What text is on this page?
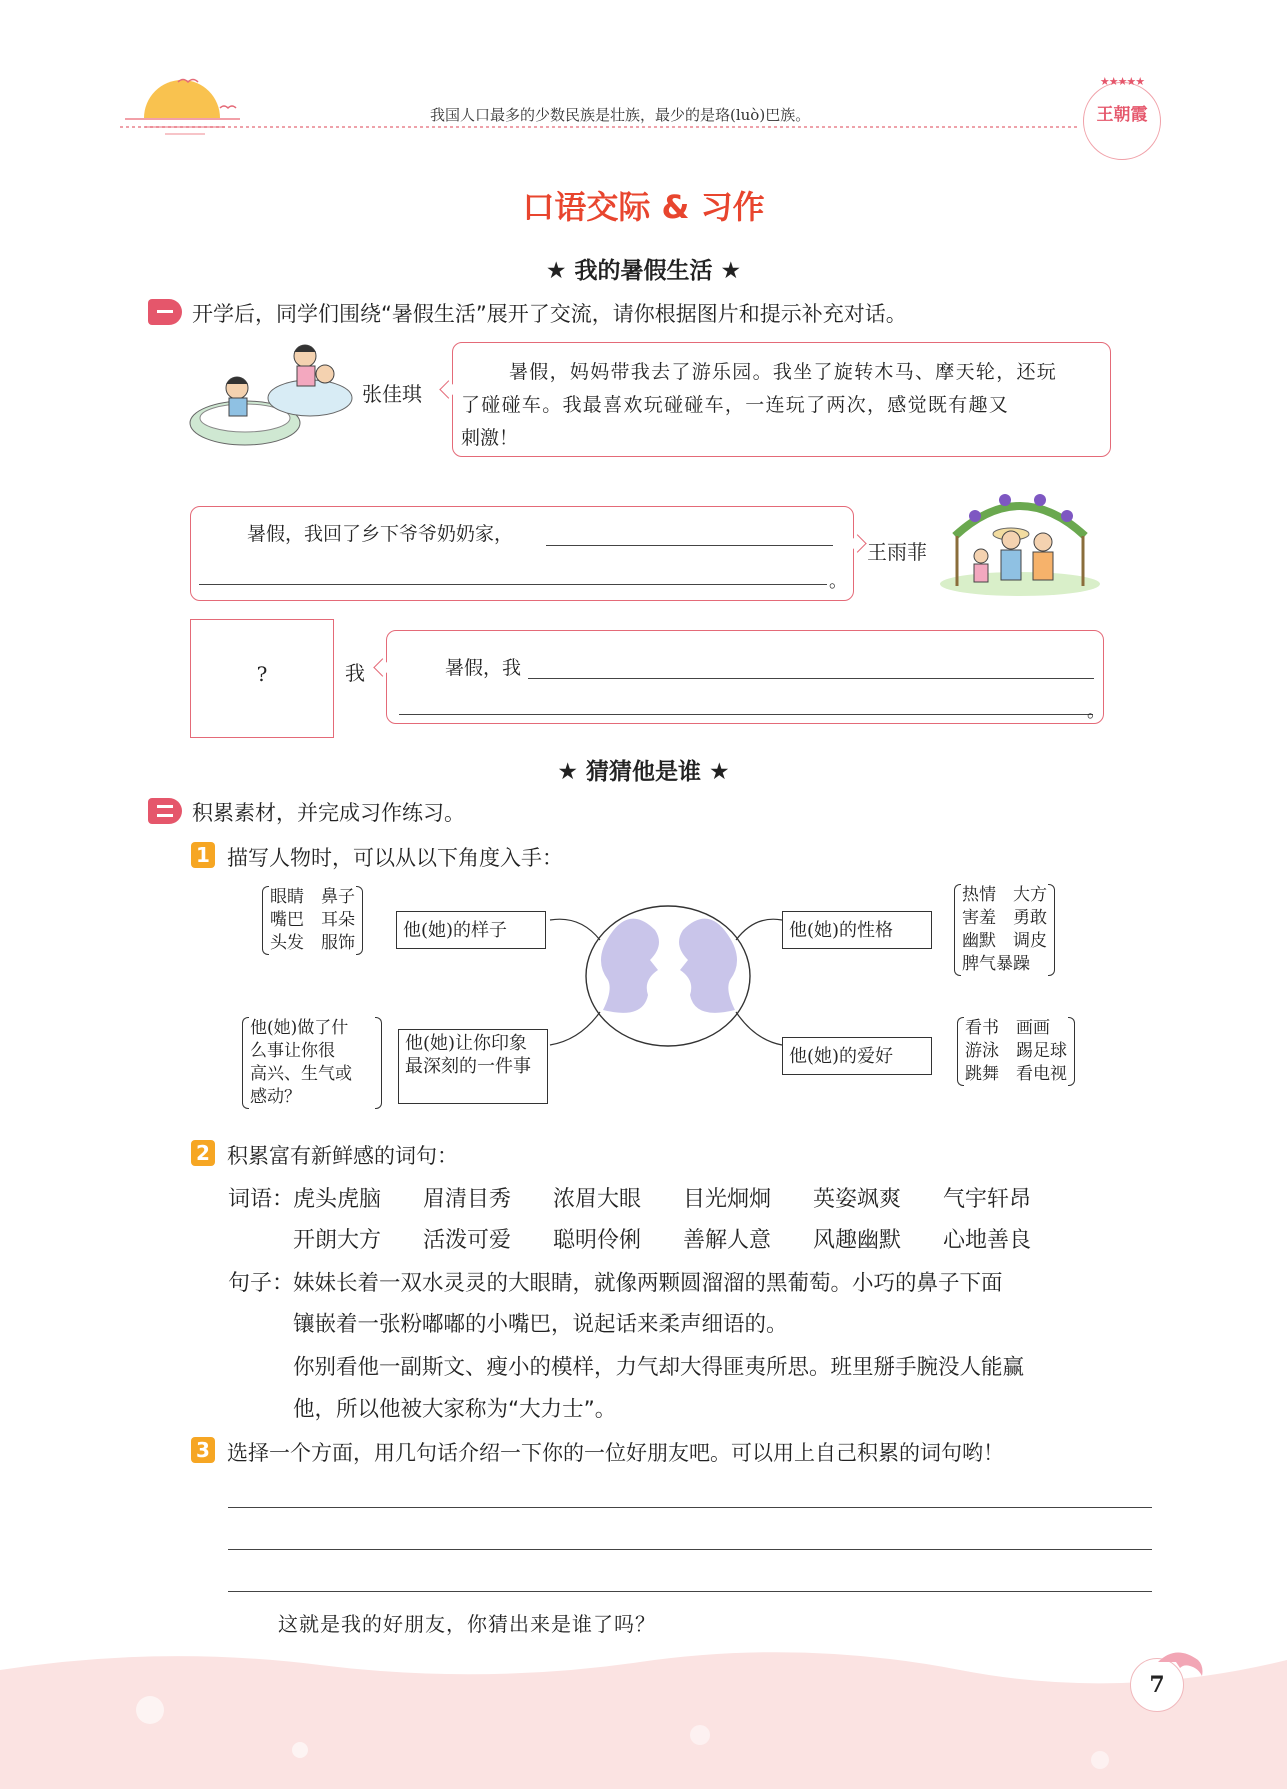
我国人口最多的少数民族是壮族，最少的是珞(luò)巴族。
★★★★★
王朝霞
口语交际 & 习作
★ 我的暑假生活 ★
开学后，同学们围绕“暑假生活”展开了交流，请你根据图片和提示补充对话。
张佳琪
暑假，妈妈带我去了游乐园。我坐了旋转木马、摩天轮，还玩
了碰碰车。我最喜欢玩碰碰车，一连玩了两次，感觉既有趣又
刺激！
暑假，我回了乡下爷爷奶奶家，
。
王雨菲
?	我	暑假，我
。
★ 猜猜他是谁 ★
积累素材，并完成习作练习。
1 描写人物时，可以从以下角度入手：
眼睛　鼻子
嘴巴　耳朵
头发　服饰
他(她)的样子	他(她)的性格
热情　大方
害羞　勇敢
幽默　调皮
脾气暴躁
他(她)做了什
么事让你很
高兴、生气或
感动？
他(她)让你印象最深刻的一件事	他(她)的爱好
看书　画画
游泳　踢足球
跳舞　看电视
2 积累富有新鲜感的词句：
词语：
虎头虎脑 眉清目秀 浓眉大眼 目光炯炯 英姿飒爽 气宇轩昂
开朗大方 活泼可爱 聪明伶俐 善解人意 风趣幽默 心地善良
句子：
妹妹长着一双水灵灵的大眼睛，就像两颗圆溜溜的黑葡萄。小巧的鼻子下面
镶嵌着一张粉嘟嘟的小嘴巴，说起话来柔声细语的。
你别看他一副斯文、瘦小的模样，力气却大得匪夷所思。班里掰手腕没人能赢
他，所以他被大家称为“大力士”。
3 选择一个方面，用几句话介绍一下你的一位好朋友吧。可以用上自己积累的词句哟！
这就是我的好朋友，你猜出来是谁了吗？
7
